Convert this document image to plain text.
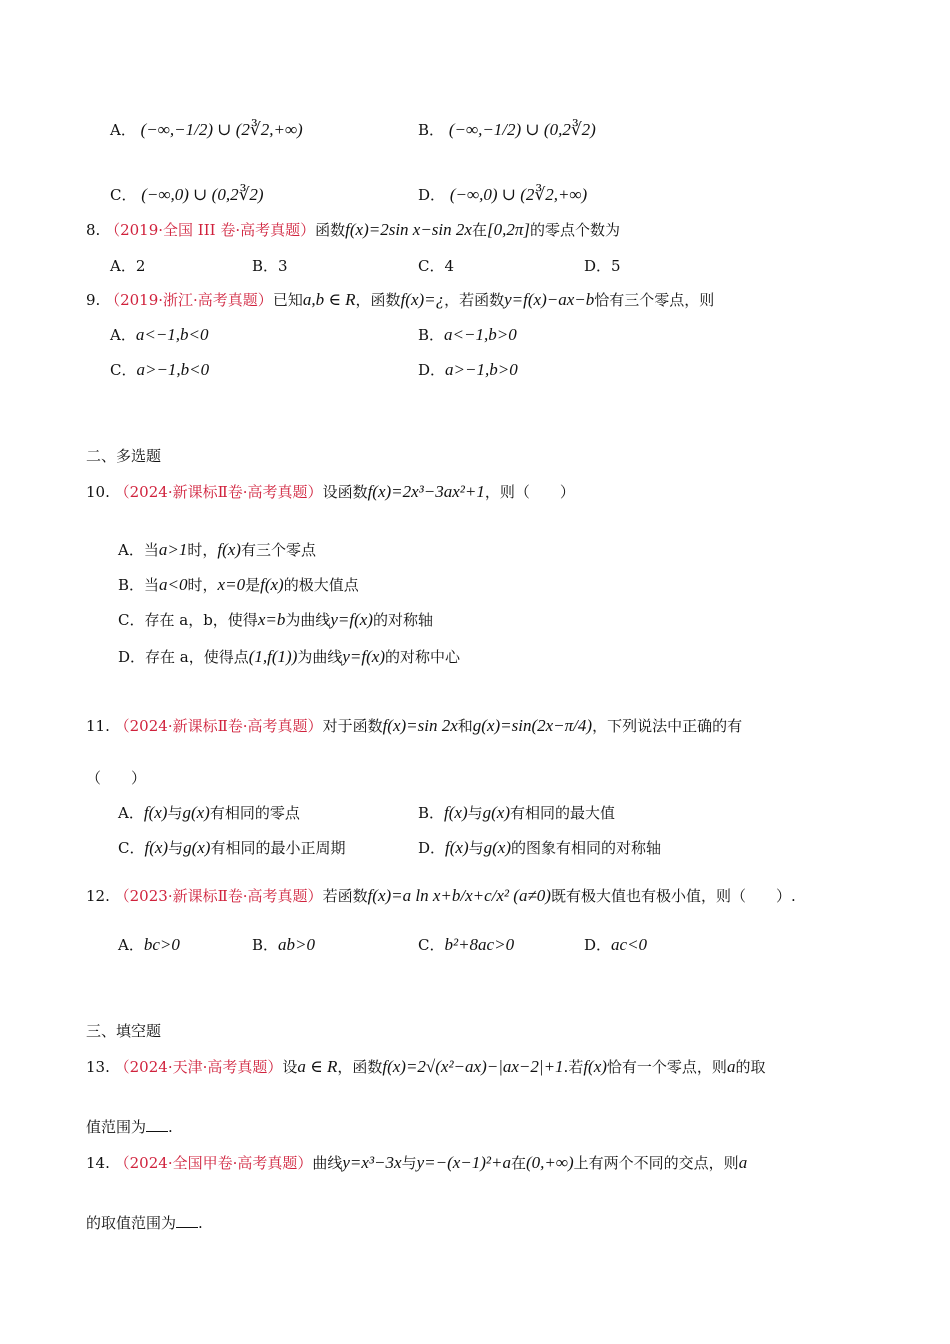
A． (−∞,−1/2) ∪ (2∛2,+∞)	B． (−∞,−1/2) ∪ (0,2∛2)
C． (−∞,0) ∪ (0,2∛2)	D． (−∞,0) ∪ (2∛2,+∞)
8. （2019·全国 III 卷·高考真题）函数f(x)=2sin x−sin 2x在[0,2π]的零点个数为
A．2	B．3	C．4	D．5
9. （2019·浙江·高考真题）已知a,b ∈ R，函数f(x)=¿，若函数y=f(x)−ax−b恰有三个零点，则
A．a<−1,b<0	B．a<−1,b>0
C．a>−1,b<0	D．a>−1,b>0
二、多选题
10. （2024·新课标Ⅱ卷·高考真题）设函数f(x)=2x³−3ax²+1，则（　　）
A．当a>1时，f(x)有三个零点
B．当a<0时，x=0是f(x)的极大值点
C．存在 a，b，使得x=b为曲线y=f(x)的对称轴
D．存在 a，使得点(1,f(1))为曲线y=f(x)的对称中心
11. （2024·新课标Ⅱ卷·高考真题）对于函数f(x)=sin 2x和g(x)=sin(2x−π/4)，下列说法中正确的有
（　　）
A．f(x)与g(x)有相同的零点	B．f(x)与g(x)有相同的最大值
C．f(x)与g(x)有相同的最小正周期	D．f(x)与g(x)的图象有相同的对称轴
12. （2023·新课标Ⅱ卷·高考真题）若函数f(x)=a ln x+b/x+c/x² (a≠0)既有极大值也有极小值，则（　　）.
A．bc>0	B．ab>0	C．b²+8ac>0	D．ac<0
三、填空题
13. （2024·天津·高考真题）设a ∈ R，函数f(x)=2√(x²−ax)−|ax−2|+1.若f(x)恰有一个零点，则a的取
值范围为 .
14. （2024·全国甲卷·高考真题）曲线y=x³−3x与y=−(x−1)²+a在(0,+∞)上有两个不同的交点，则a
的取值范围为 .
